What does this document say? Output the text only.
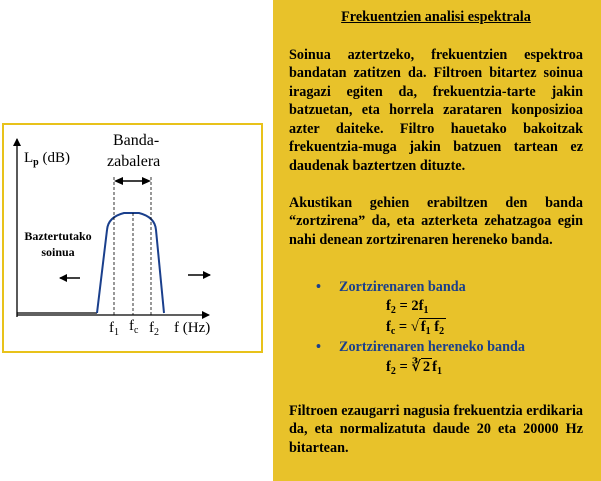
$L_p$ (dB)
Banda-
zabalera
Baztertutako
soinua
$f_1$ $f_c$ $f_2$ f (Hz)
Frekuentzien analisi espektrala

Soinua aztertzeko, frekuentzien espektroa bandatan zatitzen da. Filtroen bitartez soinua iragazi egiten da, frekuentzia-tarte jakin batzuetan, eta horrela zarataren konposizioa azter daiteke. Filtro hauetako bakoitzak frekuentzia-muga jakin batzuen tartean ez daudenak baztertzen dituzte.

Akustikan gehien erabiltzen den banda “zortzirena” da, eta azterketa zehatzagoa egin nahi denean zortzirenaren hereneko banda.

• Zortzirenaren banda
$f_2 = 2f_1$
$f_c$ = √ $f_1$ $f_2$
• Zortzirenaren hereneko banda
$f_2$ = ∛ 2 $f_1$

Filtroen ezaugarri nagusia frekuentzia erdikaria da, eta normalizatuta daude 20 eta 20000 Hz bitartean.
